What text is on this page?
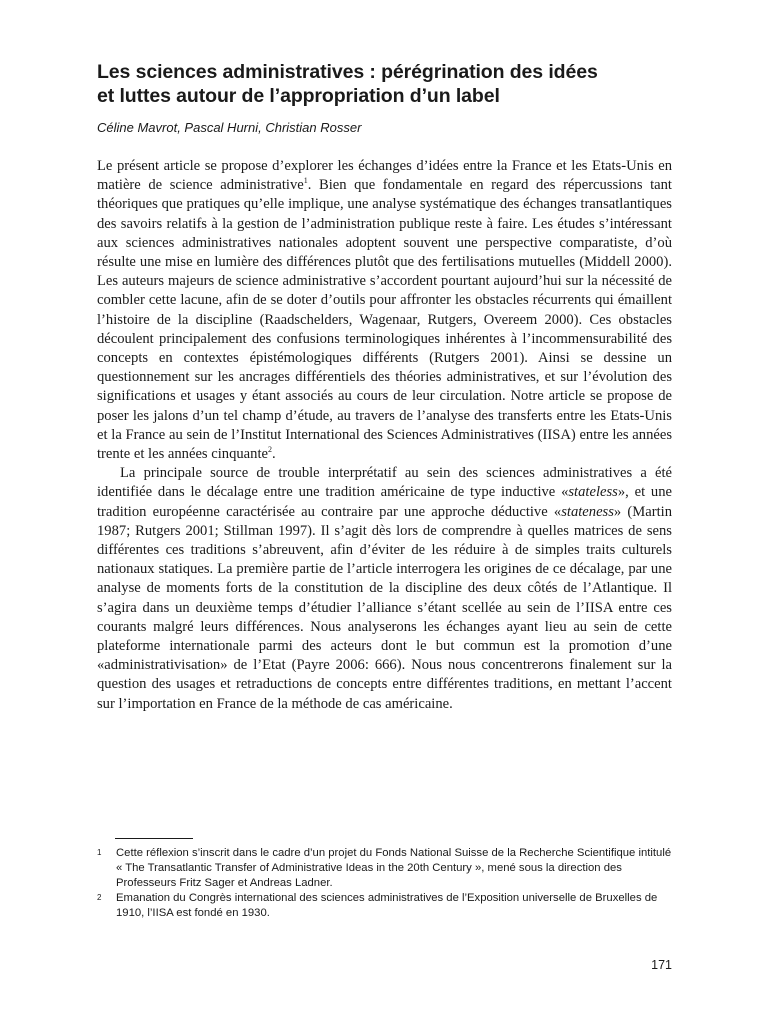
Les sciences administratives : pérégrination des idées
et luttes autour de l’appropriation d’un label

Céline Mavrot, Pascal Hurni, Christian Rosser

Le présent article se propose d’explorer les échanges d’idées entre la France et les Etats-Unis en matière de science administrative$^1$. Bien que fondamentale en regard des répercussions tant théoriques que pratiques qu’elle implique, une analyse systématique des échanges transatlantiques des savoirs relatifs à la gestion de l’administration publique reste à faire. Les études s’intéressant aux sciences administratives nationales adoptent souvent une perspective comparatiste, d’où résulte une mise en lumière des différences plutôt que des fertilisations mutuelles (Middell 2000). Les auteurs majeurs de science administrative s’accordent pourtant aujourd’hui sur la nécessité de combler cette lacune, afin de se doter d’outils pour affronter les obstacles récurrents qui émaillent l’histoire de la discipline (Raadschelders, Wagenaar, Rutgers, Overeem 2000). Ces obstacles découlent principalement des confusions terminologiques inhérentes à l’incommensurabilité des concepts en contextes épistémologiques différents (Rutgers 2001). Ainsi se dessine un questionnement sur les ancrages différentiels des théories administratives, et sur l’évolution des significations et usages y étant associés au cours de leur circulation. Notre article se propose de poser les jalons d’un tel champ d’étude, au travers de l’analyse des transferts entre les Etats-Unis et la France au sein de l’Institut International des Sciences Administratives (IISA) entre les années trente et les années cinquante$^2$.

La principale source de trouble interprétatif au sein des sciences administratives a été identifiée dans le décalage entre une tradition américaine de type inductive «stateless», et une tradition européenne caractérisée au contraire par une approche déductive «stateness» (Martin 1987; Rutgers 2001; Stillman 1997). Il s’agit dès lors de comprendre à quelles matrices de sens différentes ces traditions s’abreuvent, afin d’éviter de les réduire à de simples traits culturels nationaux statiques. La première partie de l’article interrogera les origines de ce décalage, par une analyse de moments forts de la constitution de la discipline des deux côtés de l’Atlantique. Il s’agira dans un deuxième temps d’étudier l’alliance s’étant scellée au sein de l’IISA entre ces courants malgré leurs différences. Nous analyserons les échanges ayant lieu au sein de cette plateforme internationale parmi des acteurs dont le but commun est la promotion d’une «administrativisation» de l’Etat (Payre 2006: 666). Nous nous concentrerons finalement sur la question des usages et retraductions de concepts entre différentes traditions, en mettant l’accent sur l’importation en France de la méthode de cas américaine.

1	Cette réflexion s’inscrit dans le cadre d’un projet du Fonds National Suisse de la Recherche Scientifique intitulé « The Transatlantic Transfer of Administrative Ideas in the 20th Century », mené sous la direction des Professeurs Fritz Sager et Andreas Ladner.
2	Emanation du Congrès international des sciences administratives de l’Exposition universelle de Bruxelles de 1910, l’IISA est fondé en 1930.
171
